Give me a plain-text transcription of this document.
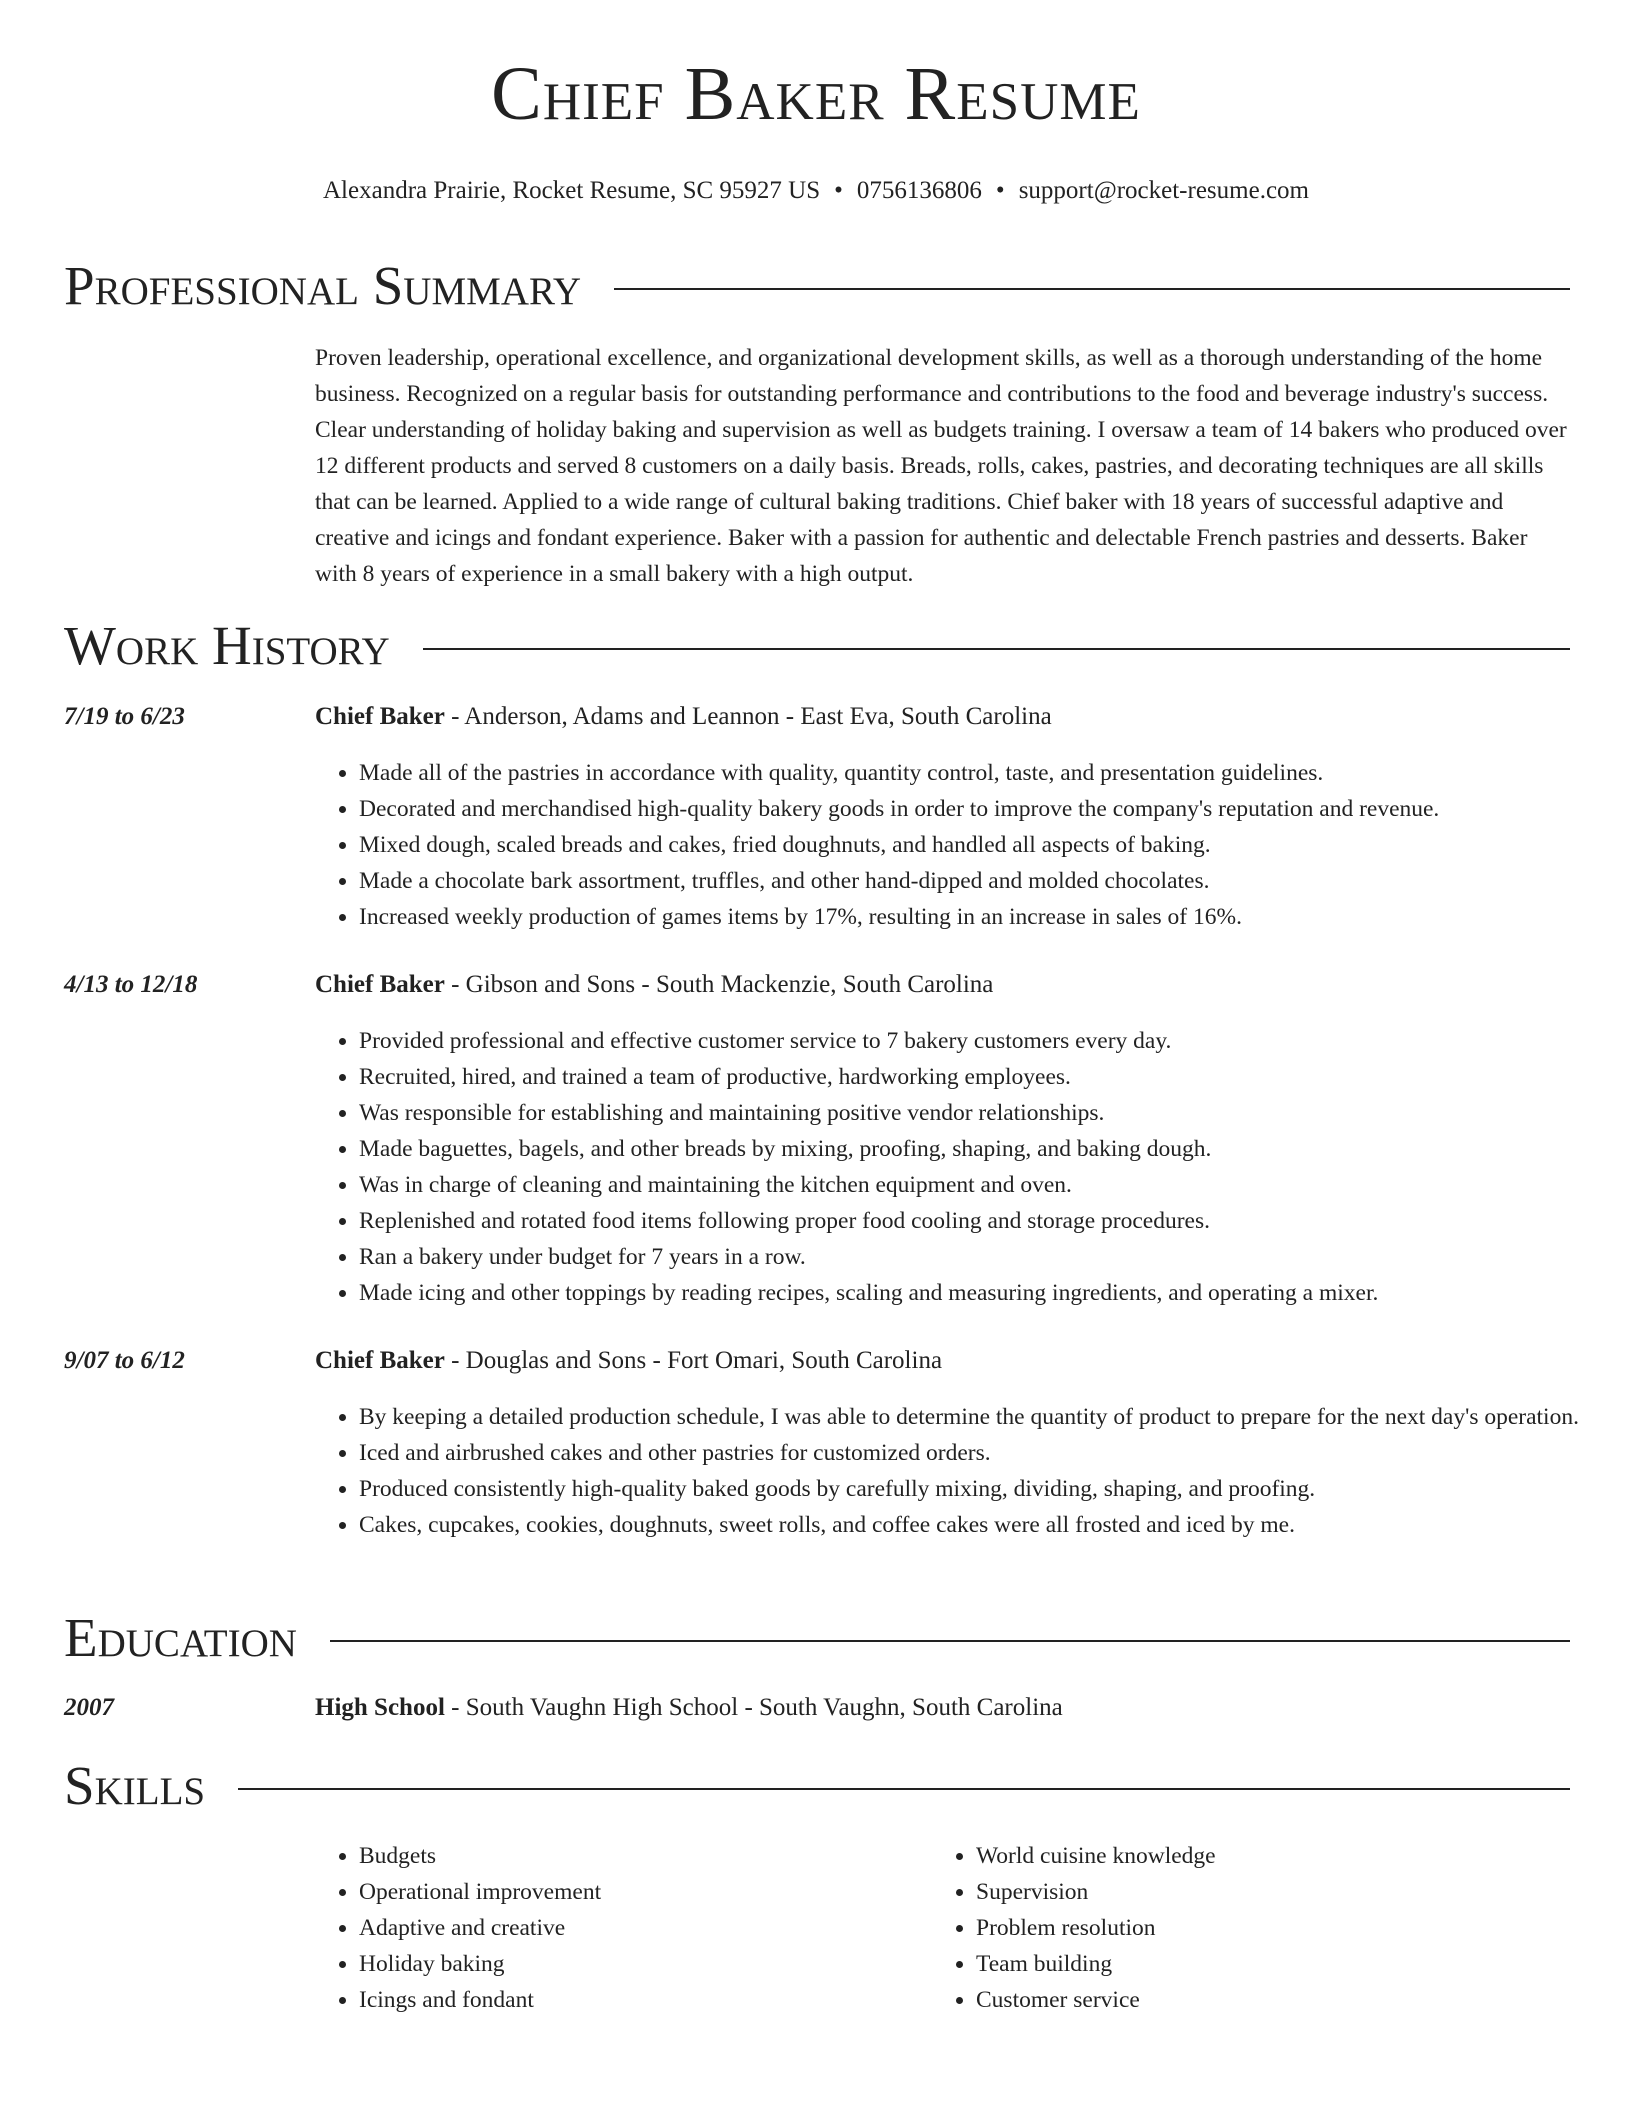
Chief Baker Resume
Alexandra Prairie, Rocket Resume, SC 95927 US • 0756136806 • support@rocket-resume.com
Professional Summary

Proven leadership, operational excellence, and organizational development skills, as well as a thorough understanding of the home business. Recognized on a regular basis for outstanding performance and contributions to the food and beverage industry's success. Clear understanding of holiday baking and supervision as well as budgets training. I oversaw a team of 14 bakers who produced over 12 different products and served 8 customers on a daily basis. Breads, rolls, cakes, pastries, and decorating techniques are all skills that can be learned. Applied to a wide range of cultural baking traditions. Chief baker with 18 years of successful adaptive and creative and icings and fondant experience. Baker with a passion for authentic and delectable French pastries and desserts. Baker with 8 years of experience in a small bakery with a high output.

Work History
7/19 to 6/23	Chief Baker - Anderson, Adams and Leannon - East Eva, South Carolina
• Made all of the pastries in accordance with quality, quantity control, taste, and presentation guidelines.
• Decorated and merchandised high-quality bakery goods in order to improve the company's reputation and revenue.
• Mixed dough, scaled breads and cakes, fried doughnuts, and handled all aspects of baking.
• Made a chocolate bark assortment, truffles, and other hand-dipped and molded chocolates.
• Increased weekly production of games items by 17%, resulting in an increase in sales of 16%.
4/13 to 12/18	Chief Baker - Gibson and Sons - South Mackenzie, South Carolina
• Provided professional and effective customer service to 7 bakery customers every day.
• Recruited, hired, and trained a team of productive, hardworking employees.
• Was responsible for establishing and maintaining positive vendor relationships.
• Made baguettes, bagels, and other breads by mixing, proofing, shaping, and baking dough.
• Was in charge of cleaning and maintaining the kitchen equipment and oven.
• Replenished and rotated food items following proper food cooling and storage procedures.
• Ran a bakery under budget for 7 years in a row.
• Made icing and other toppings by reading recipes, scaling and measuring ingredients, and operating a mixer.
9/07 to 6/12	Chief Baker - Douglas and Sons - Fort Omari, South Carolina
• By keeping a detailed production schedule, I was able to determine the quantity of product to prepare for the next day's operation.
• Iced and airbrushed cakes and other pastries for customized orders.
• Produced consistently high-quality baked goods by carefully mixing, dividing, shaping, and proofing.
• Cakes, cupcakes, cookies, doughnuts, sweet rolls, and coffee cakes were all frosted and iced by me.
Education
2007	High School - South Vaughn High School - South Vaughn, South Carolina
Skills
• Budgets
• Operational improvement
• Adaptive and creative
• Holiday baking
• Icings and fondant
• World cuisine knowledge
• Supervision
• Problem resolution
• Team building
• Customer service
